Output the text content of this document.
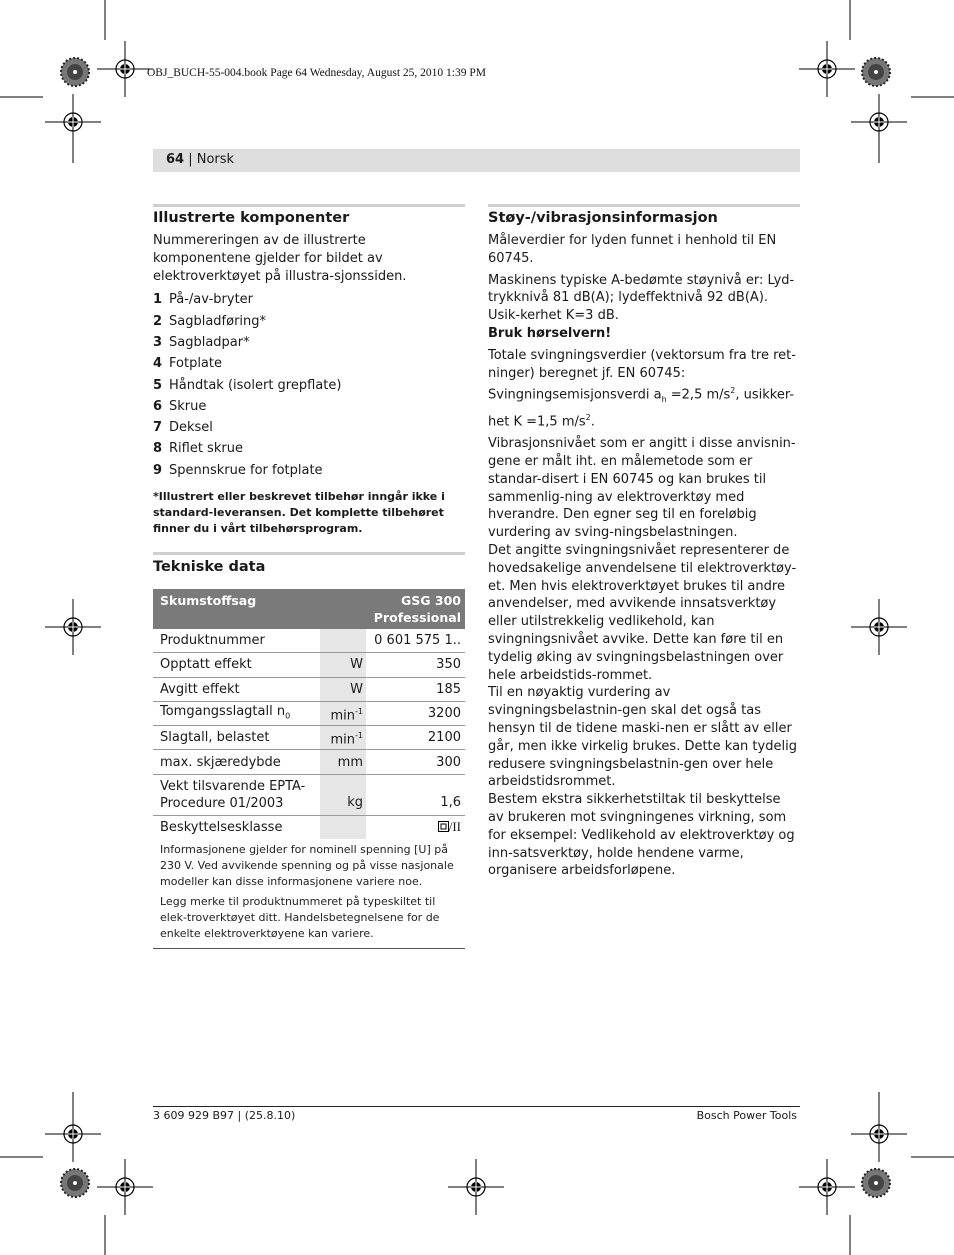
OBJ_BUCH-55-004.book Page 64 Wednesday, August 25, 2010 1:39 PM
64 | Norsk
Illustrerte komponenter

Nummereringen av de illustrerte komponentene gjelder for bildet av elektroverktøyet på illustra-sjonssiden.

1 På-/av-bryter
2 Sagbladføring*
3 Sagbladpar*
4 Fotplate
5 Håndtak (isolert grepflate)
6 Skrue
7 Deksel
8 Riflet skrue
9 Spennskrue for fotplate

*Illustrert eller beskrevet tilbehør inngår ikke i standard-leveransen. Det komplette tilbehøret finner du i vårt tilbehørsprogram.

Tekniske data
Skumstoffsag		GSG 300
Professional
Produktnummer		0 601 575 1..
Opptatt effekt	W	350
Avgitt effekt	W	185
Tomgangsslagtall $n_0$	$\min^{-1}$	3200
Slagtall, belastet	$\min^{-1}$	2100
max. skjæredybde	mm	300
Vekt tilsvarende EPTA-
Procedure 01/2003	kg	1,6
Beskyttelsesklasse		/II

Informasjonene gjelder for nominell spenning [U] på 230 V. Ved avvikende spenning og på visse nasjonale modeller kan disse informasjonene variere noe.

Legg merke til produktnummeret på typeskiltet til elek-troverktøyet ditt. Handelsbetegnelsene for de enkelte elektroverktøyene kan variere.

Støy-/vibrasjonsinformasjon

Måleverdier for lyden funnet i henhold til EN 60745.

Maskinens typiske A-bedømte støynivå er: Lyd-trykknivå 81 dB(A); lydeffektnivå 92 dB(A). Usik-kerhet K=3 dB.

Bruk hørselvern!

Totale svingningsverdier (vektorsum fra tre ret-ninger) beregnet jf. EN 60745: Svingningsemisjonsverdi $a_h =2,5$ $m/s^2$, usikker-het K =1,5 $m/s^2$.

Vibrasjonsnivået som er angitt i disse anvisnin-gene er målt iht. en målemetode som er standar-disert i EN 60745 og kan brukes til sammenlig-ning av elektroverktøy med hverandre. Den egner seg til en foreløbig vurdering av sving-ningsbelastningen.

Det angitte svingningsnivået representerer de hovedsakelige anvendelsene til elektroverktøy-et. Men hvis elektroverktøyet brukes til andre anvendelser, med avvikende innsatsverktøy eller utilstrekkelig vedlikehold, kan svingningsnivået avvike. Dette kan føre til en tydelig øking av svingningsbelastningen over hele arbeidstids-rommet.

Til en nøyaktig vurdering av svingningsbelastnin-gen skal det også tas hensyn til de tidene maski-nen er slått av eller går, men ikke virkelig brukes. Dette kan tydelig redusere svingningsbelastnin-gen over hele arbeidstidsrommet.

Bestem ekstra sikkerhetstiltak til beskyttelse av brukeren mot svingningenes virkning, som for eksempel: Vedlikehold av elektroverktøy og inn-satsverktøy, holde hendene varme, organisere arbeidsforløpene.

3 609 929 B97 | (25.8.10)	Bosch Power Tools
